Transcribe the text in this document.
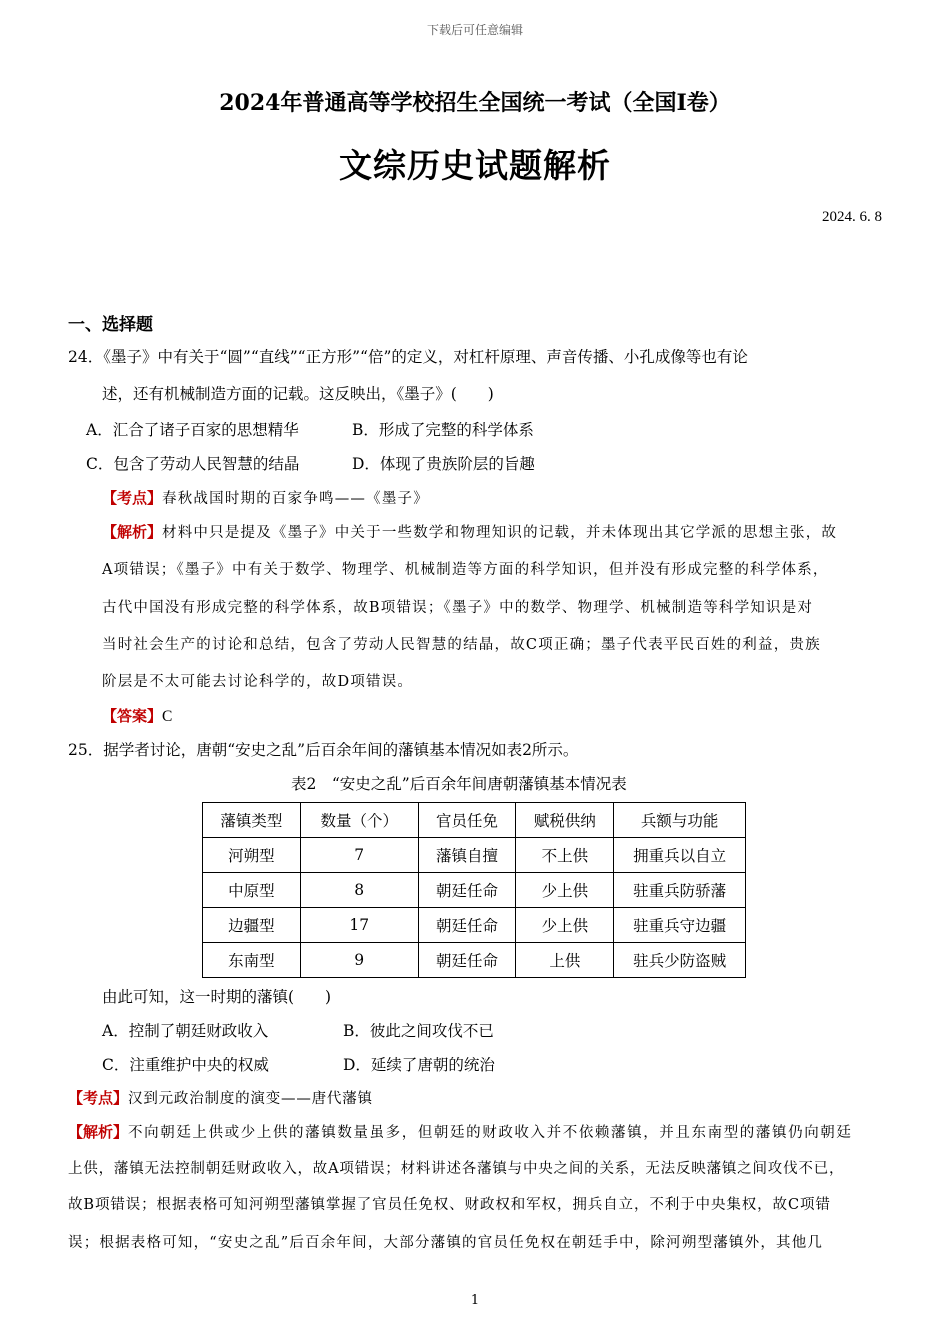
下载后可任意编辑
2024年普通高等学校招生全国统一考试（全国Ⅰ卷）
文综历史试题解析
2024. 6. 8
一、选择题
24．《墨子》中有关于“圆”“直线”“正方形”“倍”的定义，对杠杆原理、声音传播、小孔成像等也有论
述，还有机械制造方面的记载。这反映出，《墨子》(　　)
A．汇合了诸子百家的思想精华	B．形成了完整的科学体系
C．包含了劳动人民智慧的结晶	D．体现了贵族阶层的旨趣
【考点】春秋战国时期的百家争鸣——《墨子》
【解析】材料中只是提及《墨子》中关于一些数学和物理知识的记载，并未体现出其它学派的思想主张，故
A项错误；《墨子》中有关于数学、物理学、机械制造等方面的科学知识，但并没有形成完整的科学体系，
古代中国没有形成完整的科学体系，故B项错误；《墨子》中的数学、物理学、机械制造等科学知识是对
当时社会生产的讨论和总结，包含了劳动人民智慧的结晶，故C项正确；墨子代表平民百姓的利益，贵族
阶层是不太可能去讨论科学的，故D项错误。
【答案】C
25．据学者讨论，唐朝“安史之乱”后百余年间的藩镇基本情况如表2所示。
表2　“安史之乱”后百余年间唐朝藩镇基本情况表
藩镇类型	数量（个）	官员任免	赋税供纳	兵额与功能
河朔型	7	藩镇自擅	不上供	拥重兵以自立
中原型	8	朝廷任命	少上供	驻重兵防骄藩
边疆型	17	朝廷任命	少上供	驻重兵守边疆
东南型	9	朝廷任命	上供	驻兵少防盗贼
由此可知，这一时期的藩镇(　　)
A．控制了朝廷财政收入	B．彼此之间攻伐不已
C．注重维护中央的权威	D．延续了唐朝的统治
【考点】汉到元政治制度的演变——唐代藩镇
【解析】不向朝廷上供或少上供的藩镇数量虽多，但朝廷的财政收入并不依赖藩镇，并且东南型的藩镇仍向朝廷
上供，藩镇无法控制朝廷财政收入，故A项错误；材料讲述各藩镇与中央之间的关系，无法反映藩镇之间攻伐不已，
故B项错误；根据表格可知河朔型藩镇掌握了官员任免权、财政权和军权，拥兵自立，不利于中央集权，故C项错
误；根据表格可知，“安史之乱”后百余年间，大部分藩镇的官员任免权在朝廷手中，除河朔型藩镇外，其他几
1
